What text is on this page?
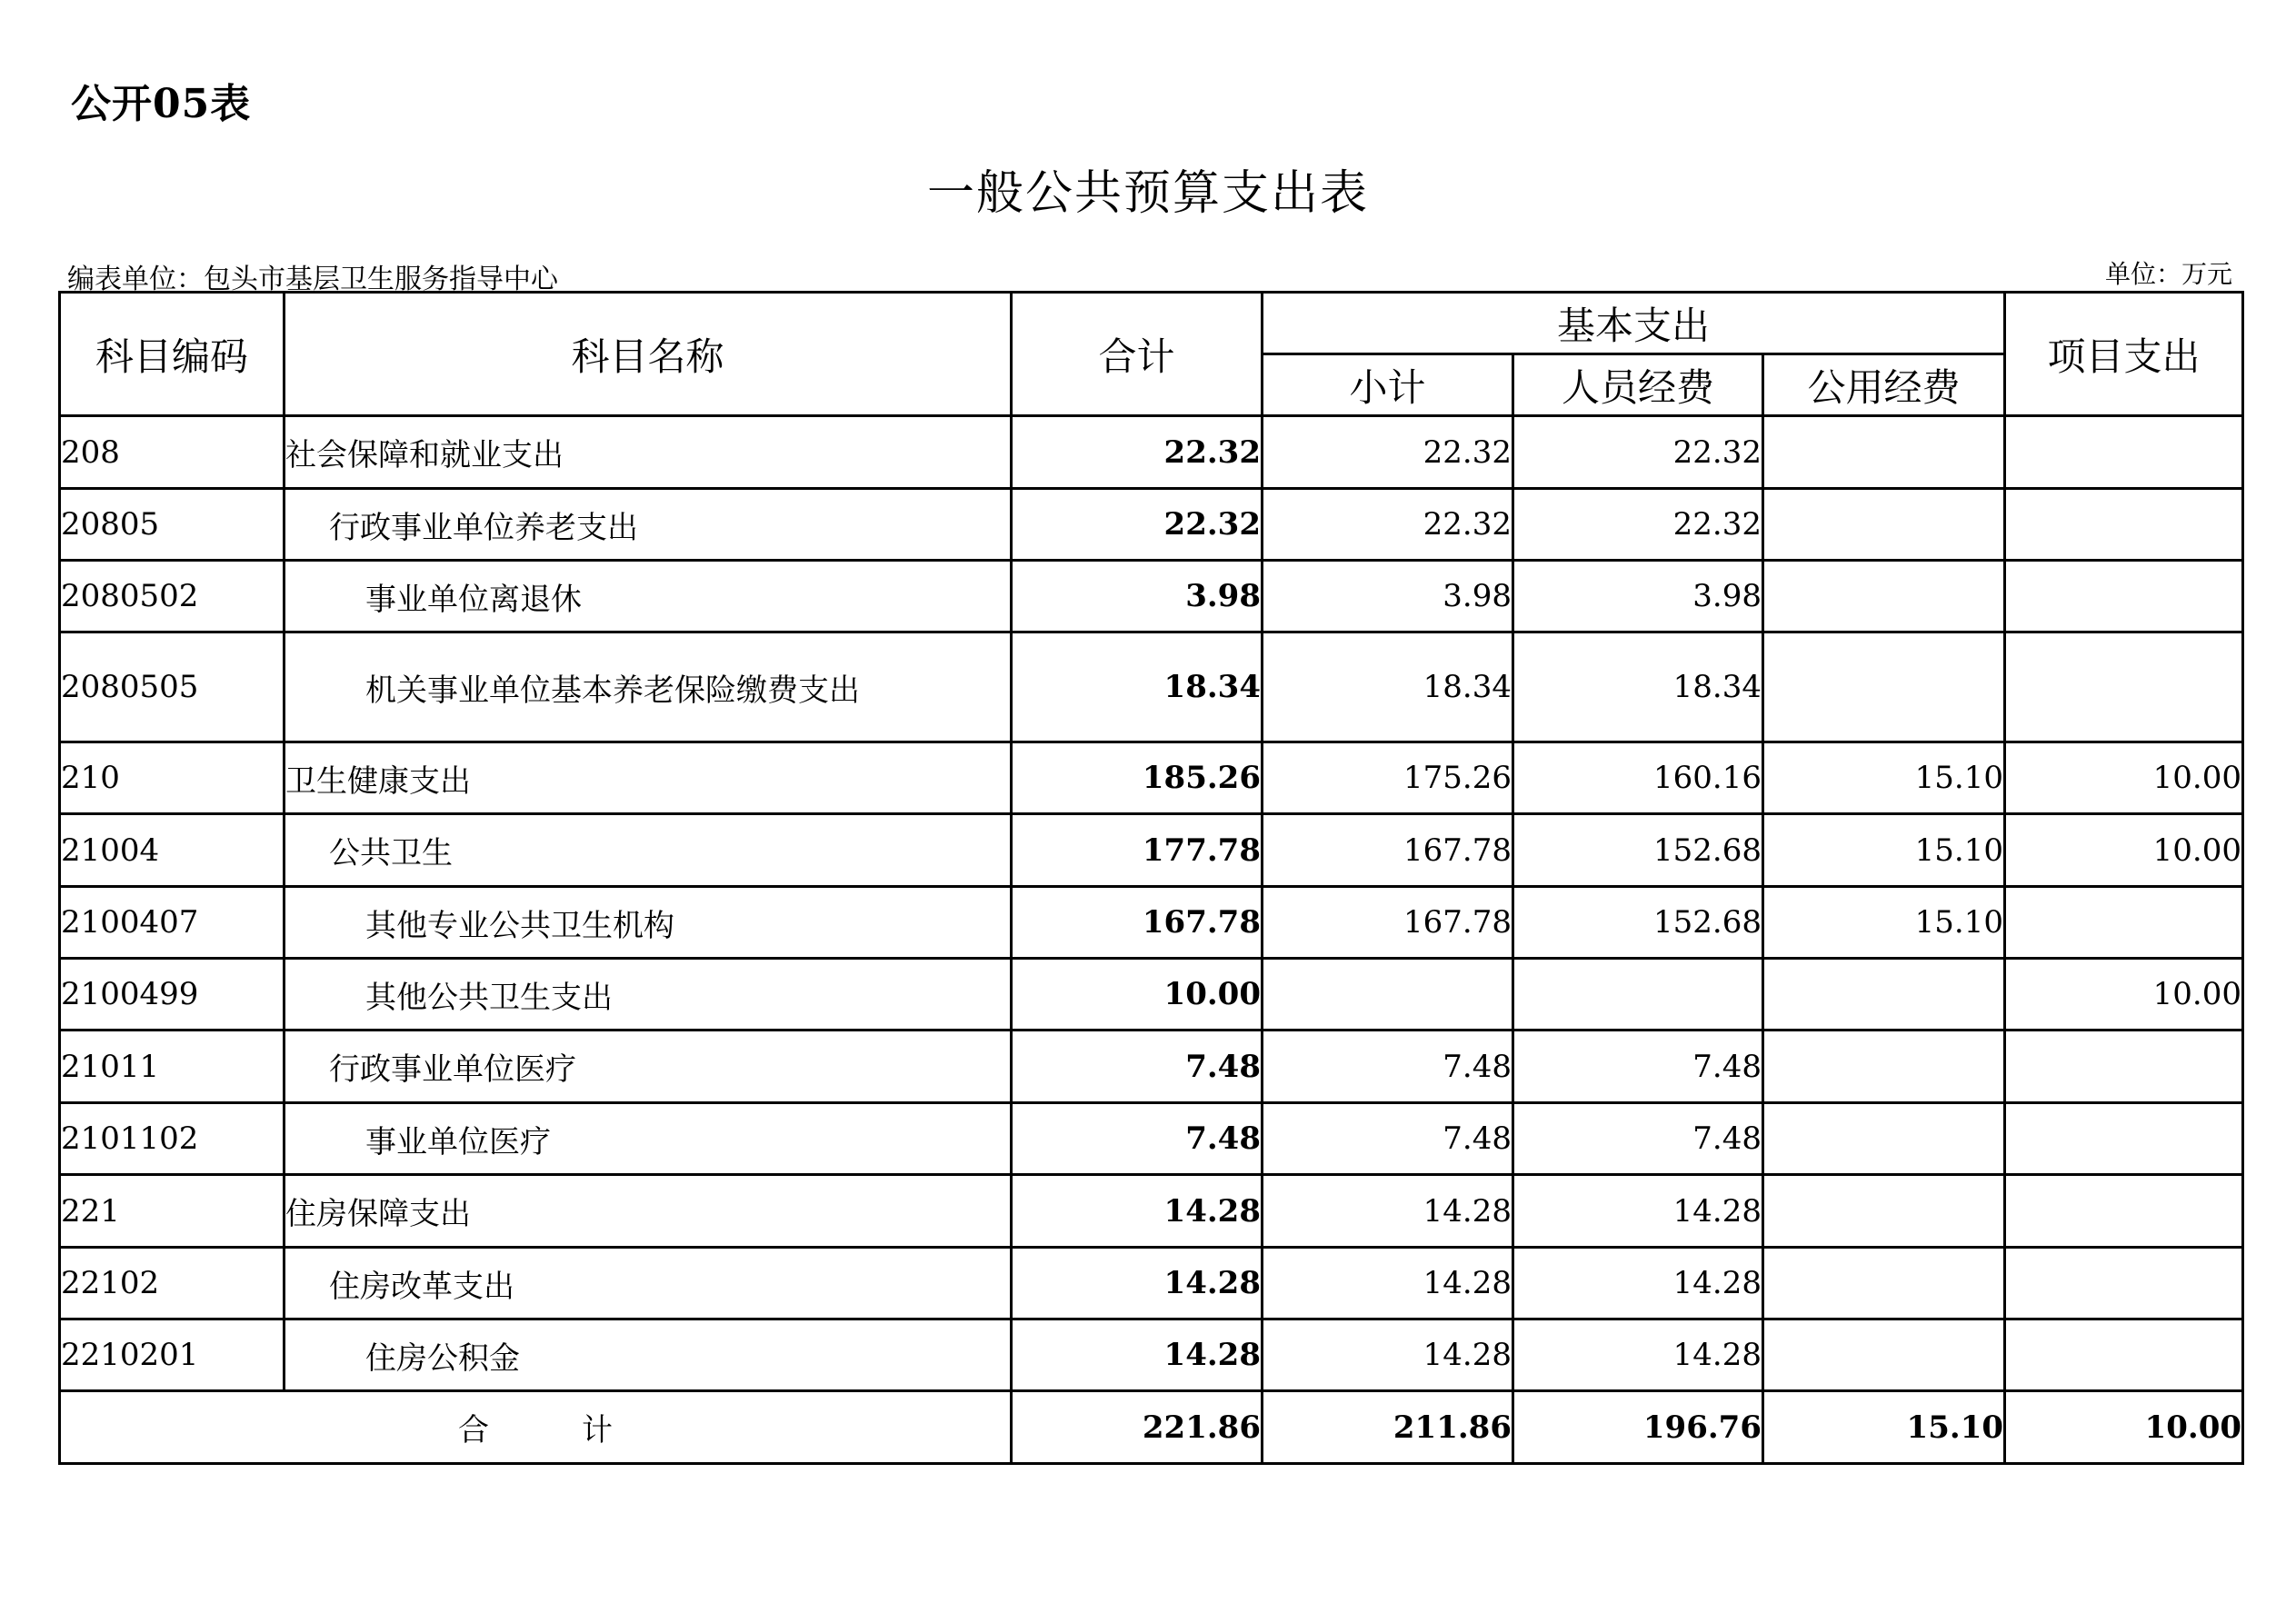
公开05表
一般公共预算支出表
编表单位：包头市基层卫生服务指导中心	单位：万元
科目编码	科目名称	合计	基本支出			项目支出
			小计	人员经费	公用经费	
208	社会保障和就业支出	22.32	22.32	22.32		
20805	行政事业单位养老支出	22.32	22.32	22.32		
2080502	事业单位离退休	3.98	3.98	3.98		
2080505	机关事业单位基本养老保险缴费支出	18.34	18.34	18.34		
210	卫生健康支出	185.26	175.26	160.16	15.10	10.00
21004	公共卫生	177.78	167.78	152.68	15.10	10.00
2100407	其他专业公共卫生机构	167.78	167.78	152.68	15.10	
2100499	其他公共卫生支出	10.00				10.00
21011	行政事业单位医疗	7.48	7.48	7.48		
2101102	事业单位医疗	7.48	7.48	7.48		
221	住房保障支出	14.28	14.28	14.28		
22102	住房改革支出	14.28	14.28	14.28		
2210201	住房公积金	14.28	14.28	14.28		
合　　　计		221.86	211.86	196.76	15.10	10.00
